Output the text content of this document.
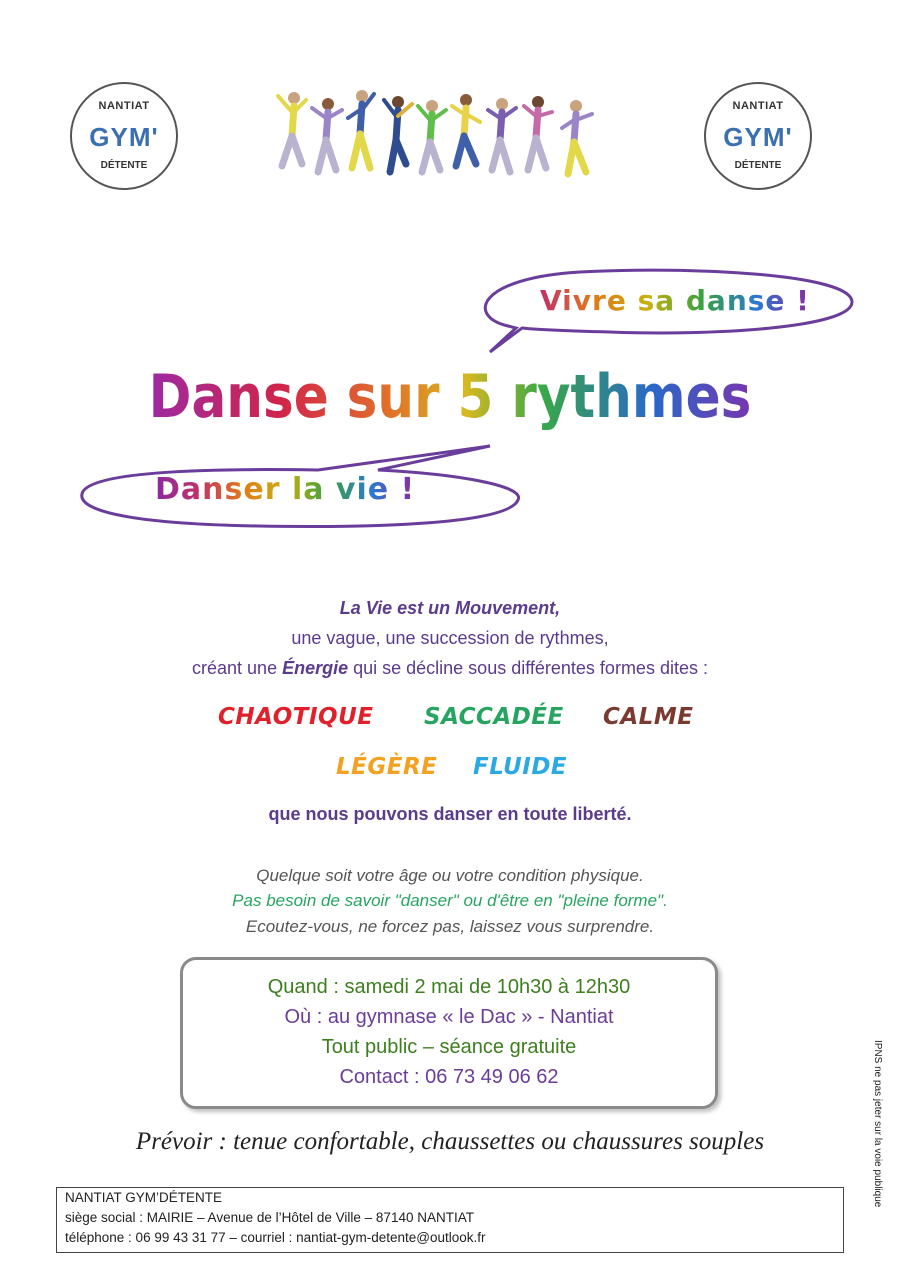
NANTIAT
GYM'
DÉTENTE
NANTIAT
GYM'
DÉTENTE
Vivre sa danse !
Danse sur 5 rythmes
Danser la vie !
La Vie est un Mouvement,
une vague, une succession de rythmes,
créant une Énergie qui se décline sous différentes formes dites :
CHAOTIQUE SACCADÉE CALME
LÉGÈRE FLUIDE
que nous pouvons danser en toute liberté.
Quelque soit votre âge ou votre condition physique.
Pas besoin de savoir "danser" ou d'être en "pleine forme".
Ecoutez-vous, ne forcez pas, laissez vous surprendre.
Quand : samedi 2 mai de 10h30 à 12h30
Où : au gymnase « le Dac » - Nantiat
Tout public – séance gratuite
Contact : 06 73 49 06 62
Prévoir : tenue confortable, chaussettes ou chaussures souples
NANTIAT GYM’DÉTENTE
siège social : MAIRIE – Avenue de l’Hôtel de Ville – 87140 NANTIAT
téléphone : 06 99 43 31 77 – courriel : nantiat-gym-detente@outlook.fr
IPNS ne pas jeter sur la voie publique
